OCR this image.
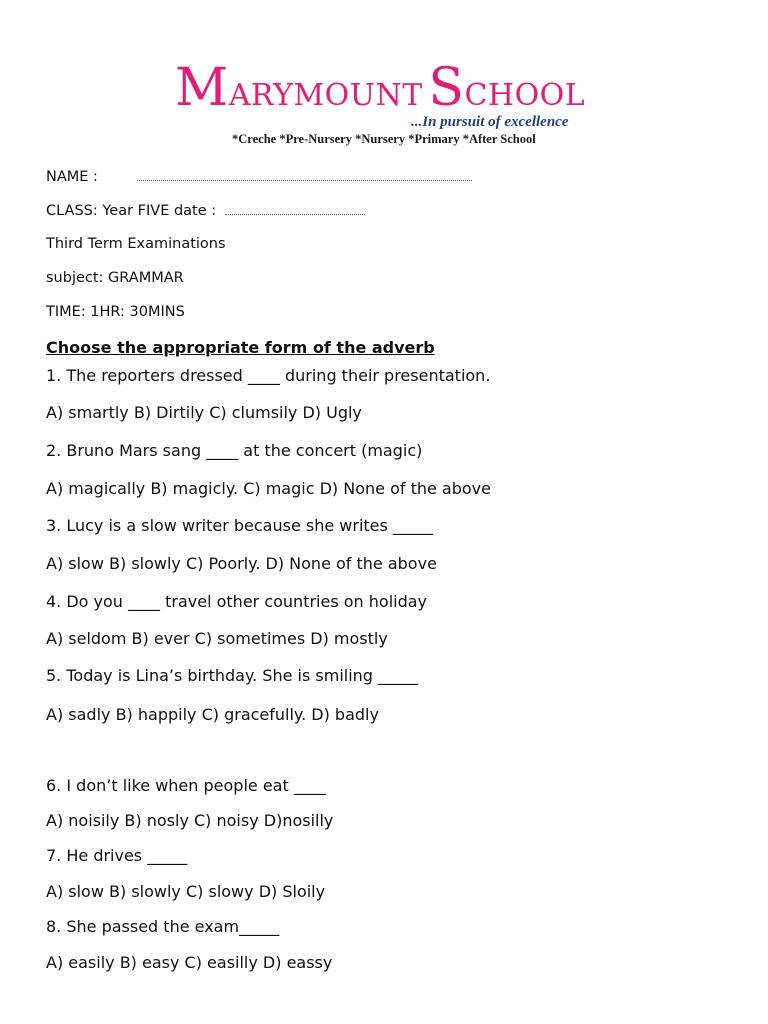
MARYMOUNT SCHOOL
...In pursuit of excellence
*Creche *Pre-Nursery *Nursery *Primary *After School
NAME :
CLASS: Year FIVE date :
Third Term Examinations
subject: GRAMMAR
TIME: 1HR: 30MINS
Choose the appropriate form of the adverb
1. The reporters dressed ____ during their presentation.
A) smartly B) Dirtily C) clumsily D) Ugly
2. Bruno Mars sang ____ at the concert (magic)
A) magically B) magicly. C) magic D) None of the above
3. Lucy is a slow writer because she writes _____
A) slow B) slowly C) Poorly. D) None of the above
4. Do you ____ travel other countries on holiday
A) seldom B) ever C) sometimes D) mostly
5. Today is Lina’s birthday. She is smiling _____
A) sadly B) happily C) gracefully. D) badly
6. I don’t like when people eat ____
A) noisily B) nosly C) noisy D)nosilly
7. He drives _____
A) slow B) slowly C) slowy D) Sloily
8. She passed the exam_____
A) easily B) easy C) easilly D) eassy
